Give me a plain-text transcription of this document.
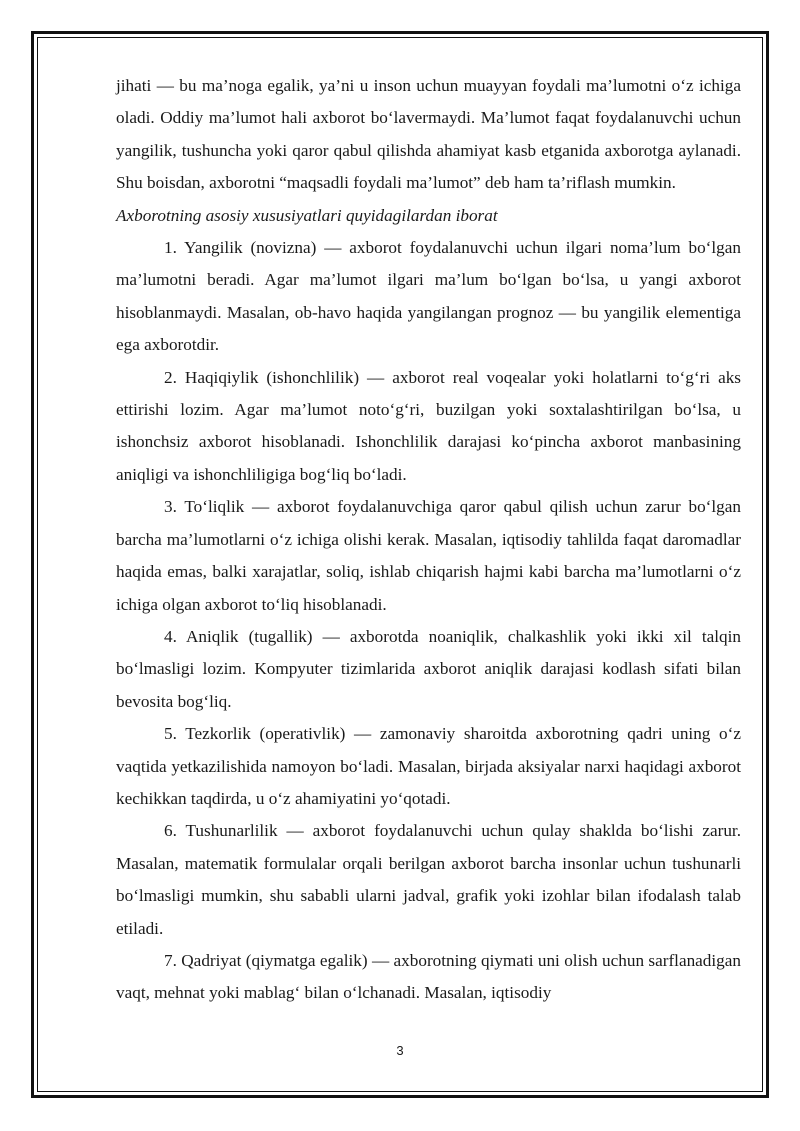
jihati — bu ma’noga egalik, ya’ni u inson uchun muayyan foydali ma’lumotni o‘z ichiga oladi. Oddiy ma’lumot hali axborot bo‘lavermaydi. Ma’lumot faqat foydalanuvchi uchun yangilik, tushuncha yoki qaror qabul qilishda ahamiyat kasb etganida axborotga aylanadi. Shu boisdan, axborotni “maqsadli foydali ma’lumot” deb ham ta’riflash mumkin.

Axborotning asosiy xususiyatlari quyidagilardan iborat

1. Yangilik (novizna) — axborot foydalanuvchi uchun ilgari noma’lum bo‘lgan ma’lumotni beradi. Agar ma’lumot ilgari ma’lum bo‘lgan bo‘lsa, u yangi axborot hisoblanmaydi. Masalan, ob-havo haqida yangilangan prognoz — bu yangilik elementiga ega axborotdir.

2. Haqiqiylik (ishonchlilik) — axborot real voqealar yoki holatlarni to‘g‘ri aks ettirishi lozim. Agar ma’lumot noto‘g‘ri, buzilgan yoki soxtalashtirilgan bo‘lsa, u ishonchsiz axborot hisoblanadi. Ishonchlilik darajasi ko‘pincha axborot manbasining aniqligi va ishonchliligiga bog‘liq bo‘ladi.

3. To‘liqlik — axborot foydalanuvchiga qaror qabul qilish uchun zarur bo‘lgan barcha ma’lumotlarni o‘z ichiga olishi kerak. Masalan, iqtisodiy tahlilda faqat daromadlar haqida emas, balki xarajatlar, soliq, ishlab chiqarish hajmi kabi barcha ma’lumotlarni o‘z ichiga olgan axborot to‘liq hisoblanadi.

4. Aniqlik (tugallik) — axborotda noaniqlik, chalkashlik yoki ikki xil talqin bo‘lmasligi lozim. Kompyuter tizimlarida axborot aniqlik darajasi kodlash sifati bilan bevosita bog‘liq.

5. Tezkorlik (operativlik) — zamonaviy sharoitda axborotning qadri uning o‘z vaqtida yetkazilishida namoyon bo‘ladi. Masalan, birjada aksiyalar narxi haqidagi axborot kechikkan taqdirda, u o‘z ahamiyatini yo‘qotadi.

6. Tushunarlilik — axborot foydalanuvchi uchun qulay shaklda bo‘lishi zarur. Masalan, matematik formulalar orqali berilgan axborot barcha insonlar uchun tushunarli bo‘lmasligi mumkin, shu sababli ularni jadval, grafik yoki izohlar bilan ifodalash talab etiladi.

7. Qadriyat (qiymatga egalik) — axborotning qiymati uni olish uchun sarflanadigan vaqt, mehnat yoki mablag‘ bilan o‘lchanadi. Masalan, iqtisodiy

3
